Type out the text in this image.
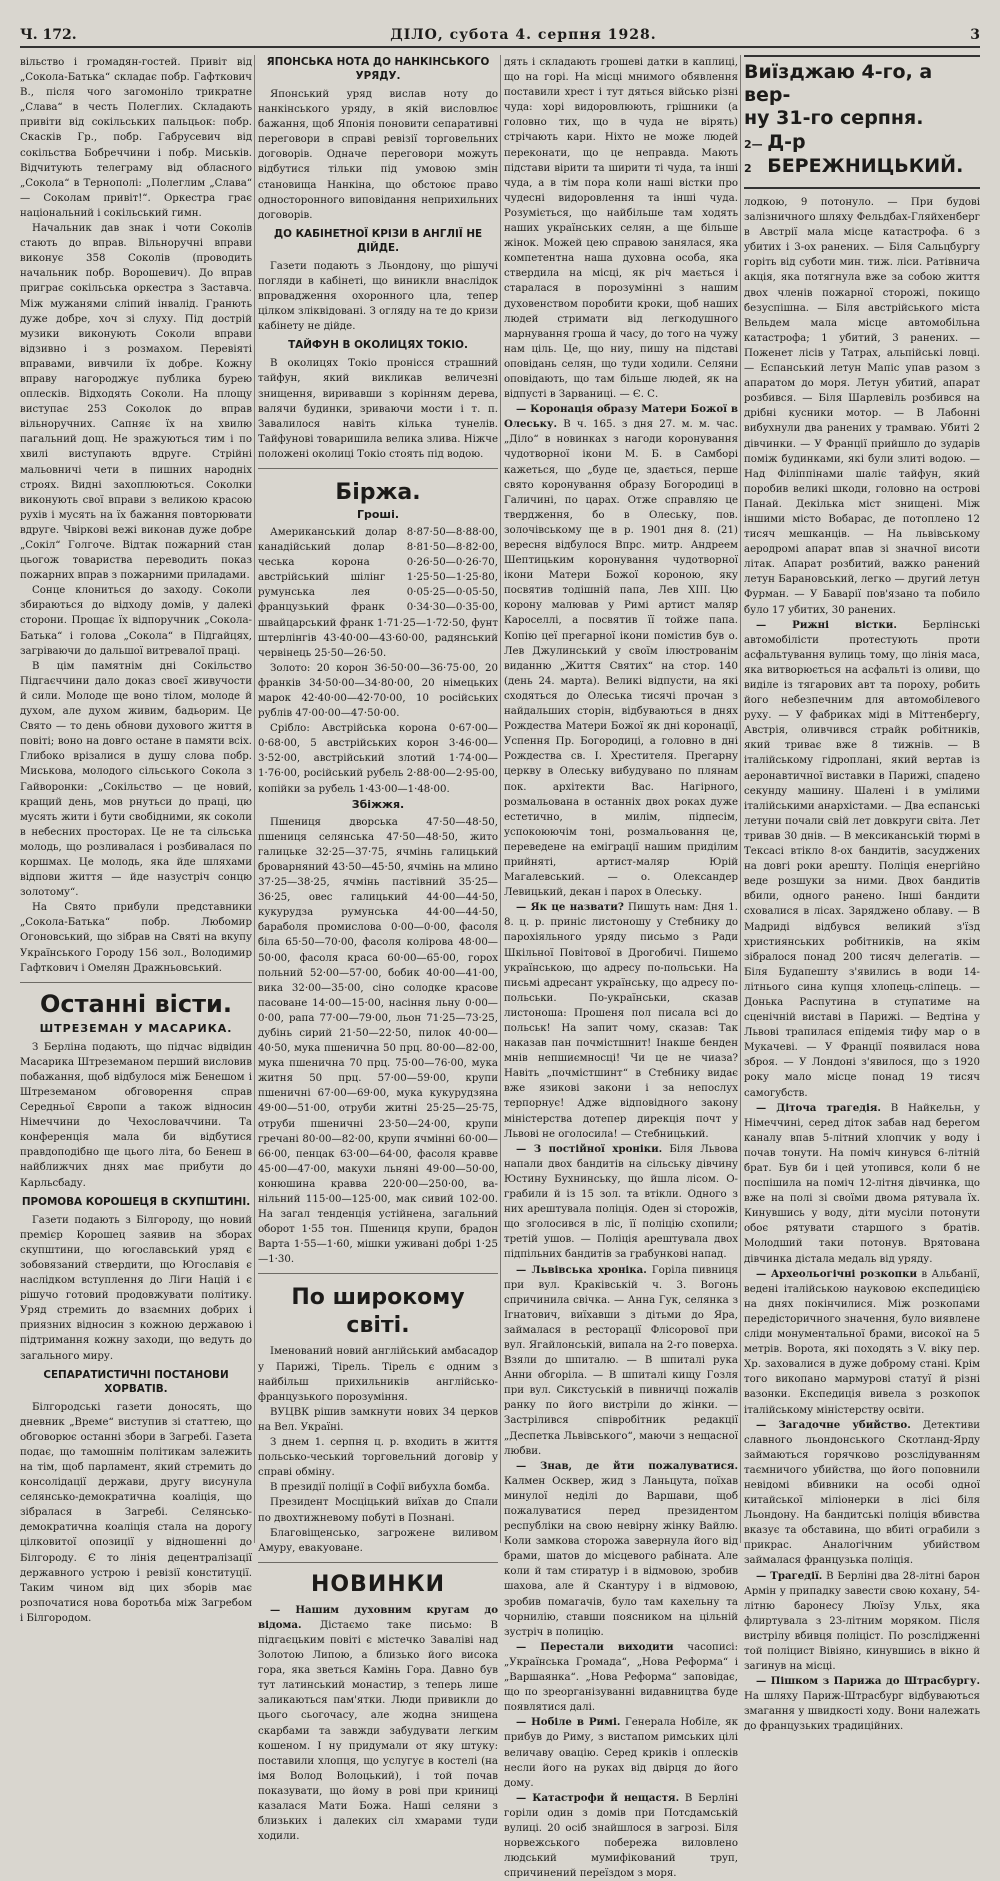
Ч. 172.	ДІЛО, субота 4. серпня 1928.	3

вільство і громадян-гостей. Привіт від „Сокола-Батька“ складає побр. Гафткович В., після чого загомоніло трикратне „Слава“ в честь Полеглих. Складають привіти від сокільських пальцьок: побр. Скасків Гр., побр. Габрусевич від сокільства Бобреччини і побр. Миськів. Відчитують телеграму від обласного „Сокола“ в Тернополі: „Полеглим „Слава“ — Соколам привіт!“. Оркестра грає національний і сокільський гимн.

Начальник дав знак і чоти Соколів стають до вправ. Вільноручні вправи виконує 358 Соколів (проводить начальник побр. Ворошевич). До вправ приграє сокільська оркестра з Заставча. Між мужанями сліпий інвалід. Гранють дуже добре, хоч зі слуху. Під дострій музики виконують Соколи вправи відзивно і з розмахом. Перевіяті вправами, вивчили їх добре. Кожну вправу нагороджує публика бурею оплесків. Відходять Соколи. На площу виступає 253 Соколок до вправ вільноручних. Сапняє їх на хвилю пагальний дощ. Не зражуються тим і по хвилі виступають вдруге. Стрійні мальовничі чети в пишних народніх строях. Видні захоплюються. Соколки виконують свої вправи з великою красою рухів і мусять на їх бажання повторювати вдруге. Чвіркові вежі виконав дуже добре „Сокіл“ Голгоче. Відтак пожарний стан цьогож товариства переводить показ пожарних вправ з пожарними приладами.

Сонце клониться до заходу. Соколи збираються до відходу домів, у далекі сторони. Прощає їх відпоручник „Сокола-Батька“ і голова „Сокола“ в Підгайцях, загріваючи до дальшої витревалої праці.

В цім памятнім дні Сокільство Підгаєччини дало доказ своєї живучости й сили. Молоде ще воно тілом, молоде й духом, але духом живим, бадьорим. Це Свято — то день обнови духового життя в повіті; воно на довго остане в памяти всіх. Глибоко врізалися в душу слова побр. Миськова, молодого сільського Сокола з Гайворонки: „Сокільство — це новий, кращий день, мов рнутьси до праці, цю мусять жити і бути свобідними, як соколи в небесних просторах. Це не та сільська молодь, що розливалася і розбивалася по коршмах. Це молодь, яка йде шляхами відпови життя — йде назустріч сонцю золотому“.

На Свято прибули представники „Сокола-Батька“ побр. Любомир Огоновський, що зібрав на Святі на вкупу Українського Городу 156 зол., Володимир Гафткович і Омелян Дражньовський.

Останні вісти.
ШТРЕЗЕМАН У МАСАРИКА.

З Берліна подають, що підчас відвідин Масарика Штреземаном перший висловив побажання, щоб відбулося між Бенешом і Штреземаном обговорення справ Середньої Європи а також відносин Німеччини до Чехословаччини. Та конференція мала би відбутися правдоподібно ще цього літа, бо Бенеш в найближчих днях має прибути до Карльсбаду.

ПРОМОВА КОРОШЕЦЯ В СКУПШТИНІ.

Газети подають з Білгороду, що новий премієр Корошец заявив на зборах скупштини, що югославський уряд є зобовязаний ствердити, що Югославія є наслідком вступлення до Ліги Націй і є рішучо готовий продовжувати політику. Уряд стремить до взаємних добрих і приязних відносин з кожною державою і підтримання кожну заходи, що ведуть до загального миру.

СЕПАРАТИСТИЧНІ ПОСТАНОВИ ХОРВАТІВ.

Білгородські газети доносять, що дневник „Време“ виступив зі статтею, що обговорює останні збори в Загребі. Газета подає, що тамошнім політикам залежить на тім, щоб парламент, який стремить до консолідації держави, другу висунула селянсько-демократична коаліція, що зібралася в Загребі. Селянсько-демократична коаліція стала на дорогу цілковитої опозиції у відношенні до Білгороду. Є то лінія децентралізації державного устрою і ревізії конституції. Таким чином від цих зборів має розпочатися нова боротьба між Загребом і Білгородом.

ЯПОНСЬКА НОТА ДО НАНКІНСЬКОГО УРЯДУ.

Японський уряд вислав ноту до нанкінського уряду, в якій висловлює бажання, щоб Японія поновити сепаративні переговори в справі ревізії торговельних договорів. Одначе переговори можуть відбутися тільки під умовою змін становища Нанкіна, що обстоює право односторонного виповідання неприхильних договорів.

ДО КАБІНЕТНОЇ КРІЗИ В АНГЛІЇ НЕ ДІЙДЕ.

Газети подають з Льондону, що рішучі погляди в кабінеті, що виникли внаслідок впровадження охоронного цла, тепер цілком зліквідовані. З огляду на те до кризи кабінету не дійде.

ТАЙФУН В ОКОЛИЦЯХ ТОКІО.

В околицях Токіо пронісся страшний тайфун, який викликав величезні знищення, виривавши з корінням дерева, валячи будинки, зриваючи мости і т. п. Завалилося навіть кілька тунелів. Тайфунові товаришила велика злива. Ніжче положені околиці Токіо стоять під водою.

Біржа.
Гроші.

Американський долар 8·87·50—8·88·00, канадійський долар 8·81·50—8·82·00, чеська корона 0·26·50—0·26·70, австрійський шілінг 1·25·50—1·25·80, румунська лея 0·05·25—0·05·50, французький франк 0·34·30—0·35·00, швайцарський франк 1·71·25—1·72·50, фунт штерлінгів 43·40·00—43·60·00, радянський червінець 25·50—26·50.

Золото: 20 корон 36·50·00—36·75·00, 20 франків 34·50·00—34·80·00, 20 німецьких марок 42·40·00—42·70·00, 10 російських рублів 47·00·00—47·50·00.

Срібло: Австрійська корона 0·67·00—0·68·00, 5 австрійських корон 3·46·00—3·52·00, австрійський злотий 1·74·00—1·76·00, російський рубель 2·88·00—2·95·00, копійки за рубель 1·43·00—1·48·00.

Збіжжя.

Пшениця дворська 47·50—48·50, пшениця селянська 47·50—48·50, жито галицьке 32·25—37·75, ячмінь галицький броварняний 43·50—45·50, ячмінь на млино 37·25—38·25, ячмінь пастівний 35·25—36·25, овес галицький 44·00—44·50, кукурудза румунська 44·00—44·50, бараболя промислова 0·00—0·00, фасоля біла 65·50—70·00, фасоля колірова 48·00—50·00, фасоля краса 60·00—65·00, горох польний 52·00—57·00, бобик 40·00—41·00, вика 32·00—35·00, сіно солодке красове пасоване 14·00—15·00, насіння льну 0·00—0·00, рапа 77·00—79·00, льон 71·25—73·25, дубінь сирий 21·50—22·50, пилок 40·00—40·50, мука пшенична 50 прц. 80·00—82·00, мука пшенична 70 прц. 75·00—76·00, мука житня 50 прц. 57·00—59·00, крупи пшеничні 67·00—69·00, мука кукурудзяна 49·00—51·00, отруби житні 25·25—25·75, отруби пшеничні 23·50—24·00, крупи гречані 80·00—82·00, крупи ячмінні 60·00—66·00, пенцак 63·00—64·00, фасоля кравве 45·00—47·00, макухи льняні 49·00—50·00, конюшина кравва 220·00—250·00, ва-нільний 115·00—125·00, мак сивий 102·00. На загал тенденція устійнена, загальний оборот 1·55 тон. Пшениця крупи, брадон Варта 1·55—1·60, мішки уживані добрі 1·25—1·30.

По широкому світі.

Іменований новий англійський амбасадор у Парижі, Тірель. Тірель є одним з найбільш прихильників англійсько-французького порозуміння.

ВУЦВК рішив замкнути нових 34 церков на Вел. Україні.

З днем 1. серпня ц. р. входить в життя польсько-чеський торговельний договір у справі обміну.

В президії поліції в Софії вибухла бомба.

Президент Мосціцький виїхав до Спали по двохтижневому побуті в Познані.

Благовіщенсько, загрожене виливом Амуру, евакуоване.

НОВИНКИ

— Нашим духовним кругам до відома. Дістаємо таке письмо: В підгаєцьким повіті є містечко Заваліві над Золотою Липою, а близько його висока гора, яка зветься Камінь Гора. Давно був тут латинський монастир, з теперь лише заликаються пам'ятки. Люди привикли до цього сьогочасу, але жодна знищена скарбами та завжди забудувати легким кошеном. І ну придумали от яку штуку: поставили хлопця, що услугує в костелі (на імя Волод Волоцький), і той почав показувати, що йому в рові при криниці казалася Мати Божа. Наші селяни з близьких і далеких сіл хмарами туди ходили.

дять і складають грошеві датки в каплиці, що на горі. На місці мнимого обявлення поставили хрест і тут дяться військо різні чуда: хорі видоровлюють, грішники (а головно тих, що в чуда не вірять) стрічають кари. Ніхто не може людей переконати, що це неправда. Мають підстави вірити та ширити ті чуда, та інші чуда, а в тім пора коли наші вістки про чудесні видоровлення та інші чуда. Розуміється, що найбільше там ходять наших українських селян, а ще більше жінок. Можей цею справою занялася, яка компетентна наша духовна особа, яка ствердила на місці, як річ мається і старалася в порозумінні з нашим духовенством поробити кроки, щоб наших людей стримати від легкодушного марнування гроша й часу, до того на чужу нам ціль. Це, що ниу, пишу на підставі оповідань селян, що туди ходили. Селяни оповідають, що там більше людей, як на відпусті в Зарваниці. — Є. С.

— Коронація образу Матери Божої в Олеську. В ч. 165. з дня 27. м. м. час. „Діло“ в новинках з нагоди коронування чудотворної ікони М. Б. в Самборі кажеться, що „буде це, здається, перше свято коронування образу Богородиці в Галичині, по царах. Отже справляю це твердження, бо в Олеську, пов. золочівському ще в р. 1901 дня 8. (21) вересня відбулося Впрс. митр. Андреем Шептицьким коронування чудотворної ікони Матери Божої короною, яку посвятив тодішній папа, Лев XIII. Цю корону малював у Римі артист маляр Кароселлі, а посвятив її тойже папа. Копію цеї прегарної ікони помістив був о. Лев Джулинський у своїм ілюстрованім виданню „Життя Святих“ на стор. 140 (день 24. марта). Великі відпусти, на які сходяться до Олеська тисячі прочан з найдальших сторін, відбуваються в днях Рождества Матери Божої як дні коронації, Успення Пр. Богородиці, а головно в дні Рождества св. І. Хрестителя. Прегарну церкву в Олеську вибудувано по плянам пок. архітекти Вас. Нагірного, розмальована в останніх двох роках дуже естетично, в милім, підпесім, успокоюючім тоні, розмальовання це, переведене на еміграції нашим приділим прийняті, артист-маляр Юрій Магалевський. — о. Олександер Левицький, декан і парох в Олеську.

— Як це назвати? Пишуть нам: Дня 1. 8. ц. р. приніс листоношу у Стебнику до парохіяльного уряду письмо з Ради Шкільної Повітової в Дрогобичі. Пишемо українською, що адресу по-польськи. На письмі адресант українську, що адресу по-польськи. По-українськи, сказав листоноша: Прошеня пол писала всі до польськ! На запит чому, сказав: Так наказав пан почмістшнит! Інакше бенден мнів непшиємносці! Чи це не чиаза? Навіть „почмістшинт“ в Стебнику видає вже язикові закони і за непослух терпорнує! Адже відповідного закону міністерства дотепер дирекція почт у Львові не оголосила! — Стебницький.

— З постійної хроніки. Біля Львова напали двох бандитів на сільську дівчину Юстину Бухнинську, що йшла лісом. О- грабили й із 15 зол. та втікли. Одного з них арештувала поліція. Оден зі сторожів, що зголосився в ліс, її поліцію схопили; третій ушов. — Поліція арештувала двох підпільних бандитів за грабункові напад.

— Львівська хроніка. Горіла пивниця при вул. Краківській ч. 3. Вогонь спричинила свічка. — Анна Гук, селянка з Ігнатович, виїхавши з дітьми до Яра, займалася в ресторації Флісорової при вул. Ягайлонській, випала на 2-го поверха. Взяли до шпиталю. — В шпиталі рука Анни обгоріла. — В шпиталі кищу Гозля при вул. Сикстуській в пивничці пожалів ранку по його вистріли до жінки. — Застрілився співробітник редакції „Деспетка Львівського“, маючи з нещасної любви.

— Знав, де йти пожалуватися. Калмен Осквер, жид з Ланьцута, поїхав минулої неділі до Варшави, щоб пожалуватися перед президентом республіки на свою невірну жінку Вайлю. Коли замкова сторожа завернула його від брами, шатов до місцевого рабіната. Але коли й там стиратур і в відмовою, зробив шахова, але й Скантуру і в відмовою, зробив помагачів, було там кахельну та чорнилію, ставши поясником на цільній зустріч в полицію.

— Перестали виходити часописі: „Українська Громада“, „Нова Реформа“ і „Варшаянка“. „Нова Реформа“ заповідає, що по зреорганізуванні видавництва буде появлятися далі.

— Нобіле в Римі. Генерала Нобіле, як прибув до Риму, з вистапом римських цілі величаву овацію. Серед криків і оплесків несли його на руках від двірця до його дому.

— Катастрофи й нещастя. В Берліні горіли один з домів при Потсдамській вулиці. 20 осіб знайшлося в загрозі. Біля норвежського побережа виловлено людський мумифікований труп, спричинений переїздом з моря.

Виїзджаю 4-го, а вер-
ну 31-го серпня.
2—2
Д-р БЕРЕЖНИЦЬКИЙ.

лодкою, 9 потонуло. — При будові залізничного шляху Фельдбах-Гляйхенберг в Австрії мала місце катастрофа. 6 з убитих і 3-ох ранених. — Біля Сальцбургу горіть від суботи мин. тиж. ліси. Ратівнича акція, яка потягнула вже за собою життя двох членів пожарної сторожі, покищо безуспішна. — Біля австрійського міста Вельдем мала місце автомобільна катастрофа; 1 убитий, 3 ранених. — Поженет лісів у Татрах, альпійські ловці. — Еспанський летун Мапіс упав разом з апаратом до моря. Летун убитий, апарат розбився. — Біля Шарлевіль розбився на дрібні кусники мотор. — В Лабонні вибухнули два ранених у трамваю. Убиті 2 дівчинки. — У Франції прийшло до зударів поміж будинками, які були злиті водою. — Над Філіппінами шаліє тайфун, який поробив великі шкоди, головно на острові Панай. Декілька міст знищені. Між іншими місто Вобарас, де потоплено 12 тисяч мешканців. — На львівському аеродромі апарат впав зі значної висоти літак. Апарат розбитий, важко ранений летун Барановський, легко — другий летун Фурман. — У Баварії пов'язано та побило було 17 убитих, 30 ранених.

— Рижні вістки.	Берлінські автомобілісти протестують проти асфальтування вулиць тому, що лінія маса, яка витворюється на асфальті із оливи, що виділе із тягарових авт та пороху, робить його небезпечним для автомобілевого руху. — У фабриках міді в Міттенберґу, Австрія, оливчився страйк робітників, який триває вже 8 тижнів. — В італійському гідроплані, який вертав із аеронавтичної виставки в Парижі, спадено секунду машину. Шалені і в умілими італійськими анархістами. — Два еспанські летуни почали свій лет довкруги світа. Лет тривав 30 днів. — В мексиканській тюрмі в Тексасі втікло 8-ох бандитів, засуджених на довгі роки арешту. Поліція енергійно веде розшуки за ними. Двох бандитів вбили, одного ранено. Інші бандити сховалися в лісах. Заряджено облаву. — В Мадриді відбувся великий з'їзд християнських робітників, на якім зібралося понад 200 тисяч делегатів. — Біля Будапешту з'явились в води 14-літнього сина купця хлопець-сліпець. — Донька Распутина в ступатиме на сценічній виставі в Парижі. — Ведтіна у Львові трапилася епідемія тифу мар о в Мукачеві. — У Франції появилася нова зброя. — У Лондоні з'явилося, що з 1920 року мало місце понад 19 тисяч самогубств.

— Діточа трагедія. В Найкельн, у Німеччині, серед діток забав над берегом каналу впав 5-літний хлопчик у воду і почав тонути. На поміч кинувся 6-літній брат. Був би і цей утопився, коли б не поспішила на поміч 12-літня дівчинка, що вже на полі зі своїми двома рятувала їх. Кинувшись у воду, діти мусіли потонути обоє рятувати старшого з братів. Молодший таки потонув. Врятована дівчинка дістала медаль від уряду.

— Археольогічні розкопки в Альбанії, ведені італійською науковою експедицією на днях покінчилися. Між розкопами передісторичного значення, було виявлене сліди монументальної брами, високої на 5 метрів. Ворота, які походять з V. віку пер. Хр. заховалися в дуже доброму стані. Крім того викопано мармурові статуї й різні вазонки. Експедиція вивела з розкопок італійському міністерству освіти.

— Загадочне убийство. Детективи славного льондонського Скотланд-Ярду займаються горячково розслідуванням таємничого убийства, що його поповнили невідомі вбивники на особі одної китайської міліонерки в лісі біля Льондону. На бандитські поліція вбивства вказує та обставина, що вбиті ограбили з прикрас. Аналогічним убийством займалася французька поліція.

— Трагедії. В Берліні два 28-літні барон Армін у припадку завести свою кохану, 54-літню баронесу Люїзу Ульх, яка флиртувала з 23-літним моряком. Після вистрілу вбивця поліціст. По розслідженні той поліцист Вівіяно, кинувшись в вікно й загинув на місці.

— Пішком з Парижа до Штрасбургу. На шляху Париж-Штрасбург відбуваються змагання у швидкості ходу. Вони належать до французьких традиційних.
